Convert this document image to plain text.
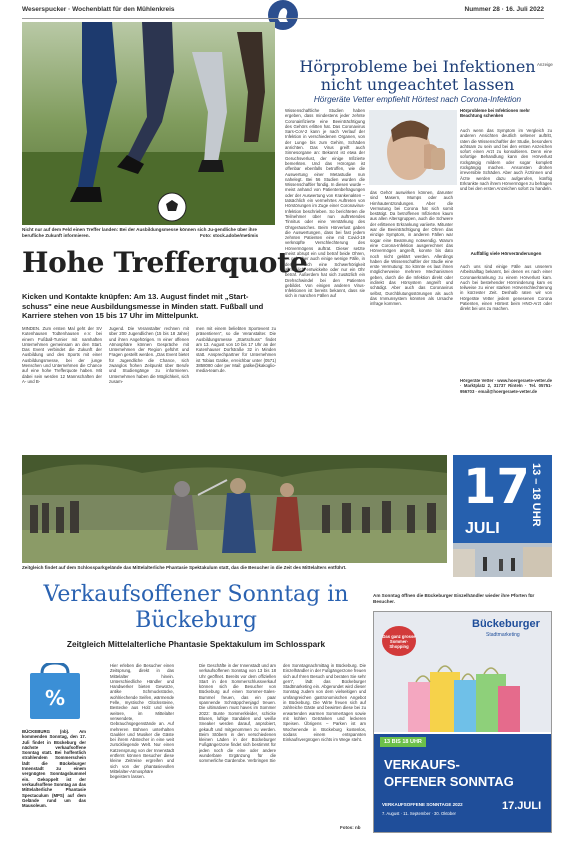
Weserspucker · Wochenblatt für den Mühlenkreis	Nummer 28 · 16. Juli 2022
Nicht nur auf dem Feld einen Treffer landen: Bei der Ausbildungsmesse können sich Ju-gendliche über ihre berufliche Zukunft informieren.	Foto: stock.adobe/metimis
Hohe Trefferquote
Kicken und Kontakte knüpfen: Am 13. August findet mit „Start-schuss" eine neue Ausbildungsmesse in Minden statt. Fußball und Karriere stehen von 15 bis 17 Uhr im Mittelpunkt.
MINDEN. Zum ersten Mal geht der SV Kutenhausen Todtenhausen e.V. bei einem Fußball-Turnier mit namhaften Unternehmen gemeinsam an den Start. Das Event verbindet die Zukunft der Ausbildung und des Sports mit einer Ausbildungsmesse, bei der junge Menschen und Unternehmen die Chance auf eine hohe Trefferquote haben. Mit dabei sein werden 12 Mannschaften der A- und B-
Jugend. Die Veranstalter rechnen mit über 200 Jugendlichen (15 bis 18 Jahre) und ihren Angehörigen. In einer offenen Atmosphäre können Gespräche mit Unternehmen der Region geführt und Fragen gestellt werden. „Das Event bietet für Jugendliche die Chance, sich zwanglos frohen Zeitpunkt über Berufe und Studiengänge zu informieren. Unternehmen haben die Möglichkeit, sich zusam-
men mit einem beliebten Sportevent zu präsentieren", so die Veranstalter. Die Ausbildungsmesse „Startschuss" findet am 13. August von 10 bis 17 Uhr an der Kutenhauser Dorfstraße 32 in Minden statt. Ansprechpartner für Unternehmen ist Tobias Gatike, erreichbar unter (0571) 3858080 oder per Mail: gatike@kakoglio-media-team.de.
Anzeige
Hörprobleme bei Infektionen nicht ungeachtet lassen
Hörgeräte Vetter empfiehlt Hörtest nach Corona-Infektion
Wissenschaftliche Studien haben ergeben, dass mindestens jeder zehnte Coronainfizierte eine Beeinträchtigung des Gehörs erlitten hat. Das Coronavirus Sars-CoV-2 kann je nach Verlauf der Infektion in verschiedenen Organen, von der Lunge bis zum Gehirn, Schäden anrichten. Das Virus greift auch Sinnesorgane an: Bekannt ist etwa der Geruchsverlust, der einige Infizierte bemerkten. Und das Hörorgan ist offenbar ebenfalls betroffen, wie die Auswertung einer Metastudie nun nahelegt. Bei 56 Studien wurden die Wissenschaftler fündig. In diesen wurde – meist anhand von Patientenbefragungen oder der Auswertung von Krankenakten – tatsächlich ein vermehrtes Auftreten von Hörstörungen im Zuge einer Coronavirus-Infektion beschrieben. So berichteten die Teilnehmer über nun auftretendes Tinnitus oder eine Verstärkung des Ohrgeräusches. Beim Hörverlust gaben die Auswertungen, dass bei fast jedem zehnten Patienten eine mit Covid-19 verknüpfte Verschlechterung des Hörvermögens auftrat. Dieser setzte meist abrupt ein und betraf beide Ohren, es gab aber auch einige wenige Fälle, in denen sich eine Schwerhörigkeit allmählich entwickelte oder nur ein Ohr betraf. Außerdem hat sich zusätzlich ein Drehschwindel bei den Patienten gebildet. Von einigen anderen Virus-Infektionen ist bereits bekannt, dass sie sich in manchen Fällen auf
Hörprobleme bei Infektionen mehr Beachtung schenken
das Gehör auswirken können, darunter sind Masern, Mumps oder auch Himhautentzündungen. Aber die Vermutung bei Corona hat sich somit bestätigt. Da betroffenen Infizierten kaum aus allen Altersgruppen, auch die Schwere der erlittenen Erkrankung variierte. Mitunter war die Beeinträchtigung der Ohren das einzige Symptom, in anderen Fällen war sogar eine Beatmung notwendig. Warum eine Corona-Infektion ausgerechnet das Hörvermögen angreift, konnte bis dato noch nicht geklärt werden. Allerdings haben die Wissenschaftler der Studie eine erste Vermutung: So könnte es laut ihnen möglicherweise mehrere Mechanismen geben, durch die die Infektion direkt oder indirekt das Hörsystem angreift und schädigt. Aber auch das Coronavirus selbst, Durchblutungsstörungen als auch das Immunsystem könnten als Ursache infrage kommen.
Auch wenn das Symptom im Vergleich zu anderen Ansichten deutlich seltener auftritt, raten die Wissenschaftler der Studie, besonders achtsam zu sein und bei den ersten Anzeichen sofort einen Arzt zu konsultieren. Denn eine sofortige Behandlung kann den Hörverlust rückgängig mildern oder sogar komplett rückgängig machen. Ansonsten drohen irreversible Schäden. Aber auch Ärztinnen und Ärzte werden dazu aufgerufen, künftig Erkrankte nach ihrem Hörvermögen zu befragen und bei den ersten Anzeichen sofort zu handeln.
Auffällig viele Hörveränderungen
Auch uns sind einige Fälle aus unserem Arbeitsalltag bekannt, bei denen es nach einer Coronaerkrankung zu einem Hörverlust kam. Auch bei bestehender Hörminderung kam es teilweise zu einer starken Hörverschlechterung in kürzester Zeit. Deshalb raten wir von Hörgeräte Vetter jedem genesenen Corona Patienten, einen Hörtest beim HNO-Arzt oder direkt bei uns zu machen.
Hörgeräte Vetter · www.hoergeraete-vetter.de · Marktplatz 2, 31737 Rinteln · Tel. 05751-956703 · email@hoergeraete-vetter.de
Zeitgleich findet auf dem Schlossparkgelände das Mittelalterliche Phantasie Spektakulum statt, das die Besucher in die Zeit des Mittelalters entführt.
17
JULI
13 – 18 UHR
Am Sonntag öffnen die Bückeburger Einzelhändler wieder ihre Pforten für Besucher.
Verkaufsoffener Sonntag in Bückeburg
Zeitgleich Mittelalterliche Phantasie Spektakulum im Schlosspark
%
BÜCKEBURG (nb). Am kommenden Sonntag, den 17. Juli findet in Bückeburg der nächste verkaufsoffene Sonntag statt. Bei hoffentlich strahlendem Sommerschein lädt die Bückeburger Innenstadt zu einem vergnügten Sonntagsbummel ein. Gekoppelt ist der verkaufsoffene Sonntag an das Mittelalterliche Phantasie Spectaculum (MPS) auf dem Gelände rund um das Mausoleum.
Hier erleben die Besucher einen Zeitsprung, direkt in das Mittelalter hinein. Unterschiedliche Händler und Handwerker bieten Gewürze, antike Schmuckstücke, wohlriechende Seifen, wärmende Felle, mystische Glückssteine, Bestecke aus Holz und viele weitere, im Mittelalter verwendete, Gebrauchsgegenstände an. Auf mehreren Bühnen unterhalten Gaukler und Musiker die Gäste bei ihrem Abstecher in eine weit zurückliegende Welt. Nur einen Katzensprung von der Innenstadt entfernt können Besucher diese kleine Zeitreise ergreifen und sich von der phantasievollen Mittelalter-Atmosphäre begeistern lassen.
Die Geschäfte in der Innenstadt und am verkaufsoffenen Sonntag von 13 bis 18 Uhr geöffnet. Bereits vor dem offiziellen Start in den Sommerschlussverkauf können sich die Besucher von Bückeburg auf einen Sommer-Sales-Bummel freuen, das ein paar spannende Schnäppchenjagd treuen. Die ultimativen must haves im Sommer 2022: Bunte Sommerkleider, schicke Blusen, luftige Sandalen und weiße Sneaker werden darauf, anprobiert, gekauft und mitgenommen zu werden. Beim Stöbern in den verschiedenen kleinen Läden in der Bückeburger Fußgängerzone findet sich bestimmt für jeden noch die eine oder andere wunderbare Ergänzung für die sommerliche Garderobe. Verbringen Sie
den Sonntagnachmittag in Bückeburg. Die Einzelhändler in der Fußgängerzone freuen sich auf Ihren Besuch und beraten Sie sehr gern", lädt das Bückeburger Stadtmarketing ein. Abgerundet wird dieser Sonntag zudem von dem vielseitigen und umfangreichen gastronomischen Angebot in Bückeburg. Die Wirte freuen sich auf zahlreiche Gäste und bewirten diese bei zu erwartenden warmen Sommertagen sowie mit kühlen Getränken und leckeren Speisen. Übrigens – Parken ist am Wochenende in Bückeburg kostenlos, sodass einem entspannten Einkaufsvergnügen nichts im Wege steht.
Fotos: nb
Das ganz grosse Sommer-Shopping
Bückeburger
Stadtmarketing
13 BIS 18 UHR
VERKAUFS-
OFFENER SONNTAG
VERKAUFSOFFENE SONNTAGE 2022
7. August · 11. September · 30. Oktober
17.JULI
